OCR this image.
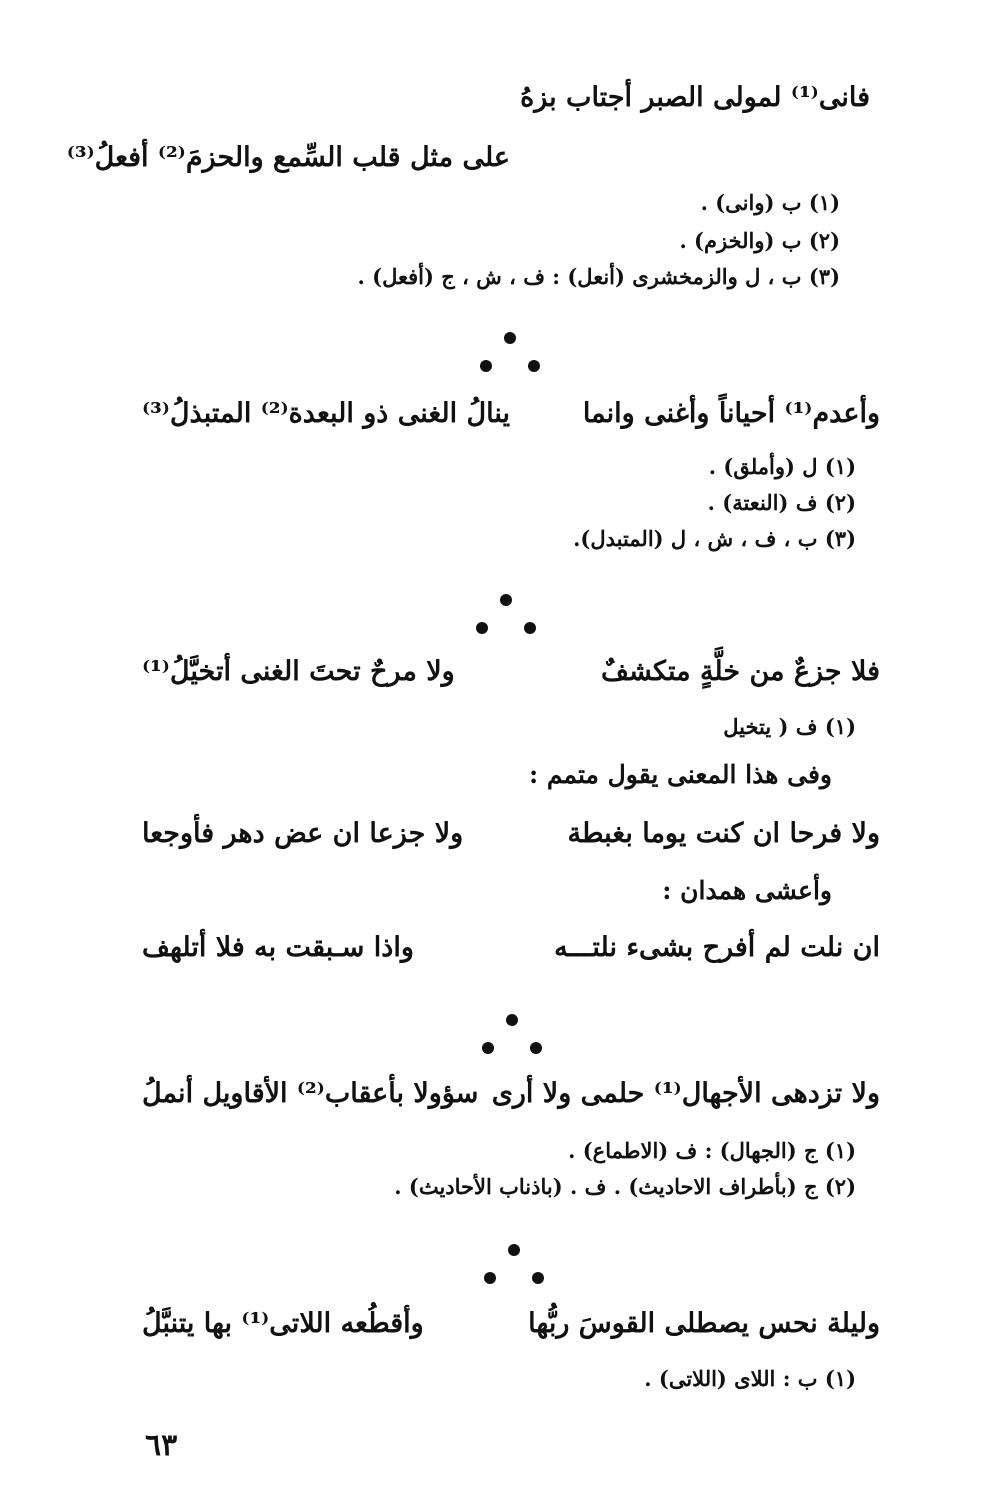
فانى⁽¹⁾ لمولى الصبر أجتاب بزهُ
على مثل قلب السِّمع والحزمَ⁽²⁾ أفعلُ⁽³⁾
(١) ب (وانى) .
(٢) ب (والخزم) .
(٣) ب ، ل والزمخشرى (أنعل) : ف ، ش ، ج (أفعل) .
وأعدم⁽¹⁾ أحياناً وأغنى وانما
ينالُ الغنى ذو البعدة⁽²⁾ المتبذلُ⁽³⁾
(١) ل (وأملق) .
(٢) ف (النعتة) .
(٣) ب ، ف ، ش ، ل (المتبدل).
فلا جزعٌ من خلَّةٍ متكشفٌ
ولا مرحٌ تحتَ الغنى أتخيَّلُ⁽¹⁾
(١) ف ( يتخيل
وفى هذا المعنى يقول متمم :
ولا فرحا ان كنت يوما بغبطة
ولا جزعا ان عض دهر فأوجعا
وأعشى همدان :
ان نلت لم أفرح بشىء نلتـــه
واذا سـبقت به فلا أتلهف
ولا تزدهى الأجهال⁽¹⁾ حلمى ولا أرى
سؤولا بأعقاب⁽²⁾ الأقاويل أنملُ
(١) ج (الجهال) : ف (الاطماع) .
(٢) ج (بأطراف الاحاديث) . ف . (باذناب الأحاديث) .
وليلة نحس يصطلى القوسَ ربُّها
وأقطُعه اللاتى⁽¹⁾ بها يتنبَّلُ
(١) ب : اللاى (اللاتى) .
٦٣
